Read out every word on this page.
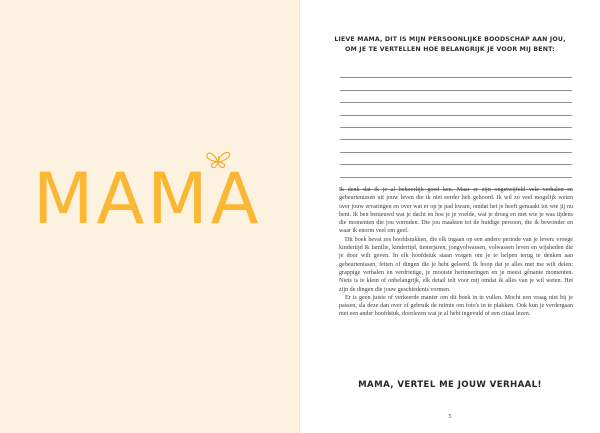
MAMA
LIEVE MAMA, DIT IS MIJN PERSOONLIJKE BOODSCHAP AAN JOU,
OM JE TE VERTELLEN HOE BELANGRIJK JE VOOR MIJ BENT:

Ik denk dat ik je al behoorlijk goed ken. Maar er zijn ongetwijfeld vele verhalen en gebeurtenissen uit jouw leven die ik niet eerder heb gehoord. Ik wil zo veel mogelijk weten over jouw ervaringen en over wat er op je pad kwam, omdat het je heeft gemaakt tot wie jij nu bent. Ik ben benieuwd wat je dacht en hoe je je voelde, wat je droeg en met wie je was tijdens die momenten die jou vormden. Die jou maakten tot de huidige persoon, die ik bewonder en waar ik enorm veel om geef.

Dit boek bevat zes hoofdstukken, die elk ingaan op een andere periode van je leven: vroege kindertijd & familie, kindertijd, tienerjaren, jongvolwassen, volwassen leven en wijsheden die je door wilt geven. In elk hoofdstuk staan vragen om je te helpen terug te denken aan gebeurtenissen, feiten of dingen die je hebt geleerd. Ik hoop dat je alles met me wilt delen: grappige verhalen en verdrietige, je mooiste herinneringen en je meest gênante momenten. Niets is te klein of onbelangrijk, elk detail telt voor mij omdat ik alles van je wil weten. Het zijn de dingen die jouw geschiedenis vormen.

Er is geen juiste of verkeerde manier om dit boek in te vullen. Mocht een vraag niet bij je passen, sla deze dan over of gebruik de ruimte om foto's in te plakken. Ook kun je verdergaan met een ander hoofdstuk, doorlezen wat je al hebt ingevuld of een citaat lezen.

MAMA, VERTEL ME JOUW VERHAAL!
5
